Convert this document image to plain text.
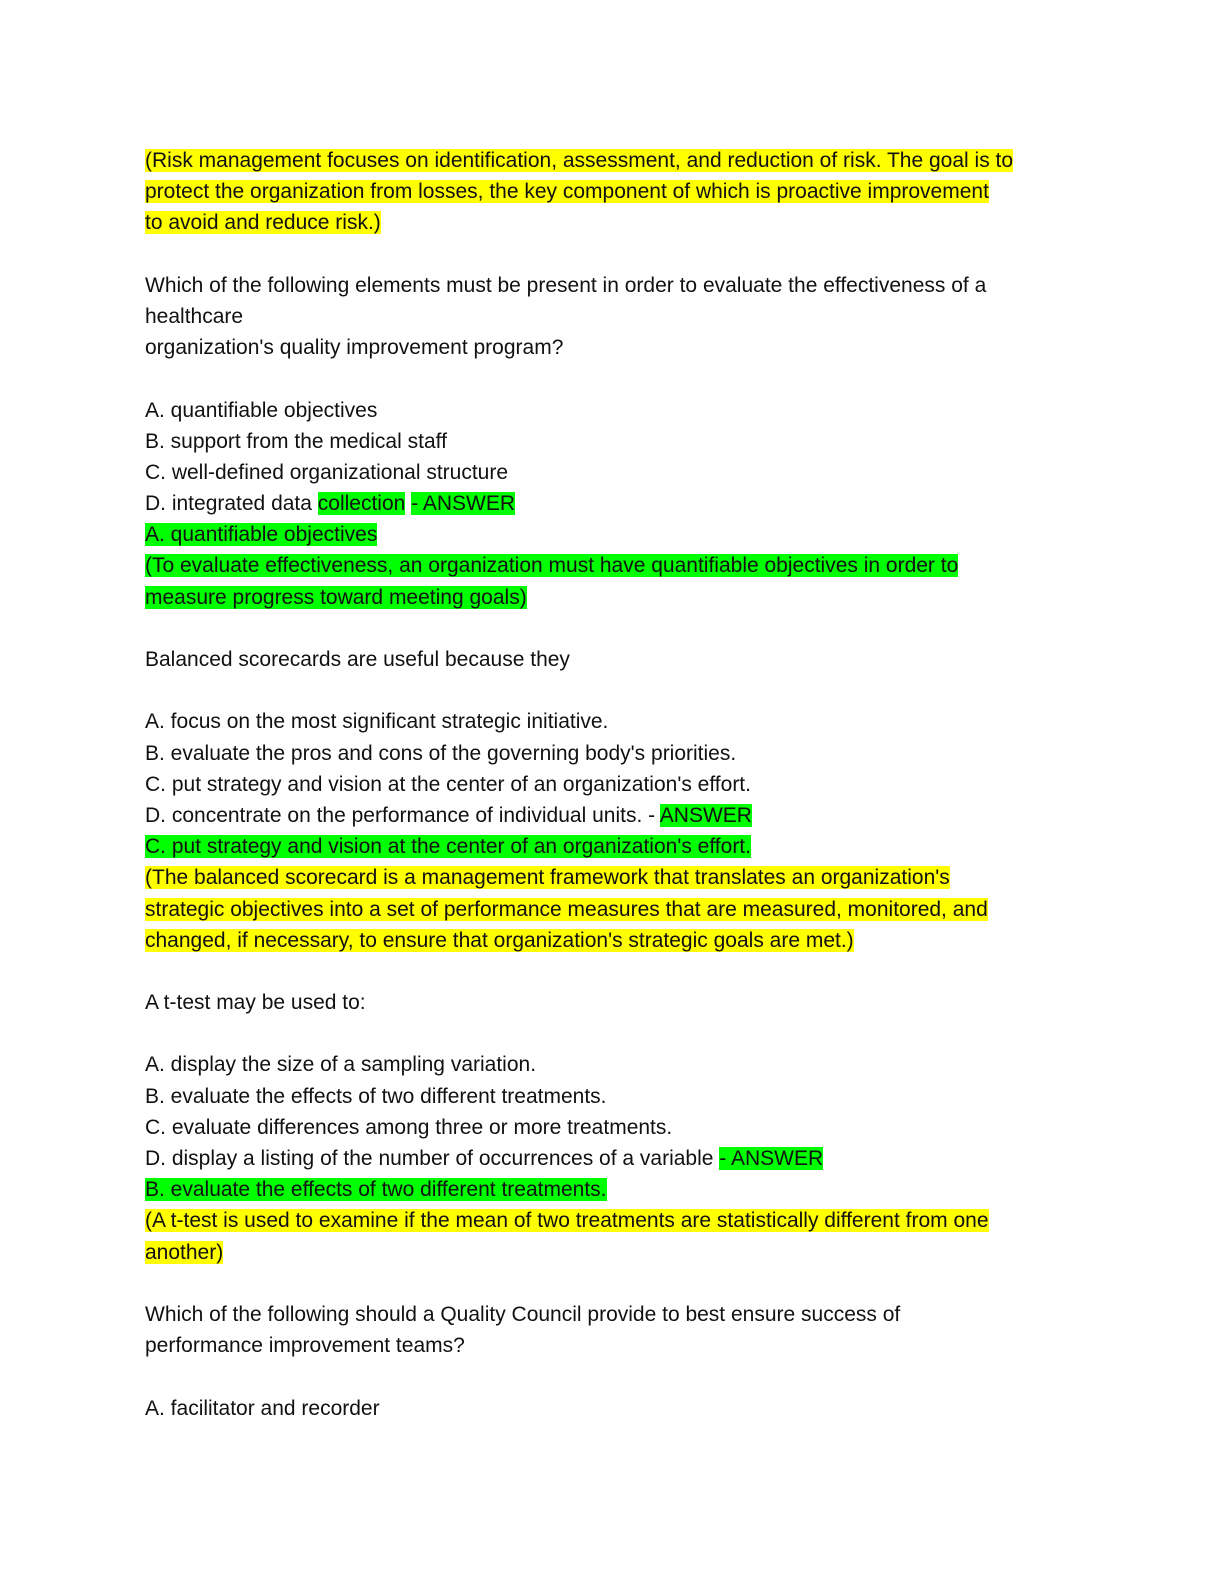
(Risk management focuses on identification, assessment, and reduction of risk. The goal is to
protect the organization from losses, the key component of which is proactive improvement
to avoid and reduce risk.)
Which of the following elements must be present in order to evaluate the effectiveness of a
healthcare
organization's quality improvement program?
A. quantifiable objectives
B. support from the medical staff
C. well-defined organizational structure
D. integrated data collection - ANSWER
A. quantifiable objectives
(To evaluate effectiveness, an organization must have quantifiable objectives in order to
measure progress toward meeting goals)
Balanced scorecards are useful because they
A. focus on the most significant strategic initiative.
B. evaluate the pros and cons of the governing body's priorities.
C. put strategy and vision at the center of an organization's effort.
D. concentrate on the performance of individual units. - ANSWER
C. put strategy and vision at the center of an organization's effort.
(The balanced scorecard is a management framework that translates an organization's
strategic objectives into a set of performance measures that are measured, monitored, and
changed, if necessary, to ensure that organization's strategic goals are met.)
A t-test may be used to:
A. display the size of a sampling variation.
B. evaluate the effects of two different treatments.
C. evaluate differences among three or more treatments.
D. display a listing of the number of occurrences of a variable - ANSWER
B. evaluate the effects of two different treatments.
(A t-test is used to examine if the mean of two treatments are statistically different from one
another)
Which of the following should a Quality Council provide to best ensure success of
performance improvement teams?
A. facilitator and recorder
